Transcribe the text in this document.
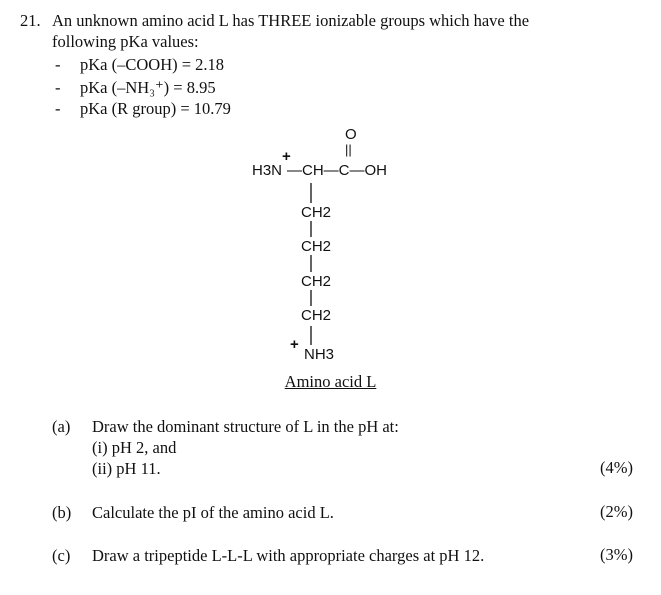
21. An unknown amino acid L has THREE ionizable groups which have the
following pKa values:
- pKa (–COOH) = 2.18
- pKa (–NH₃⁺) = 8.95
- pKa (R group) = 10.79
O
||
+
H3N —CH—C—OH
CH2
CH2
CH2
CH2
+
NH3
Amino acid L
(a) Draw the dominant structure of L in the pH at:
(i) pH 2, and
(ii) pH 11.	(4%)
(b) Calculate the pI of the amino acid L.	(2%)
(c) Draw a tripeptide L-L-L with appropriate charges at pH 12.	(3%)
